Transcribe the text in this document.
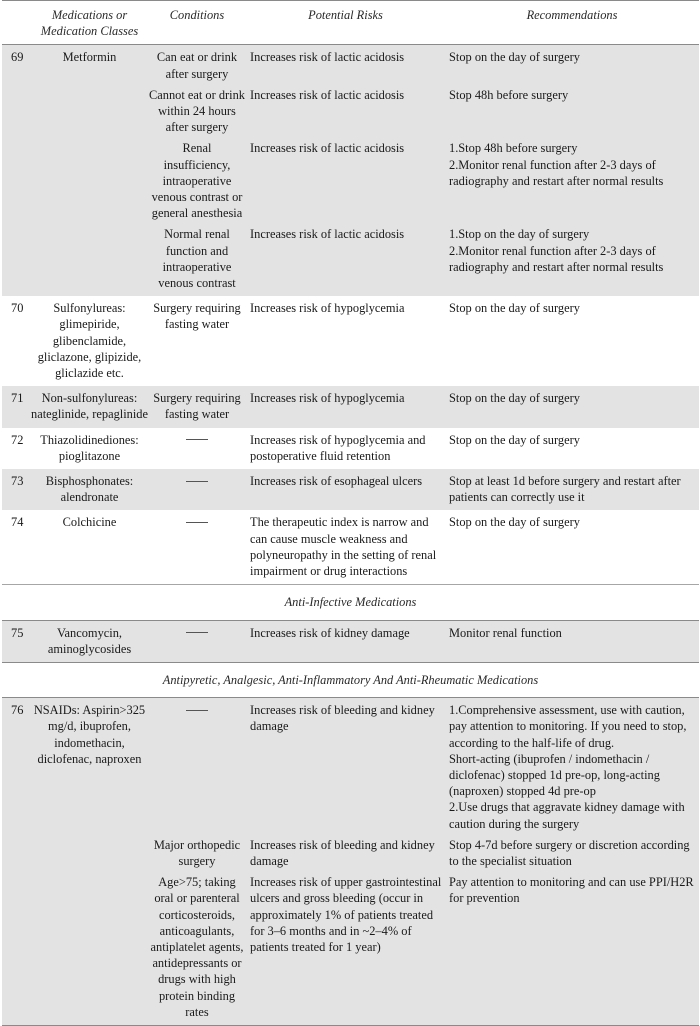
	Medications or Medication Classes	Conditions	Potential Risks	Recommendations
69	Metformin	Can eat or drink after surgery	Increases risk of lactic acidosis	Stop on the day of surgery

		Cannot eat or drink within 24 hours after surgery	Increases risk of lactic acidosis	Stop 48h before surgery

		Renal insufficiency, intraoperative venous contrast or general anesthesia	Increases risk of lactic acidosis	1.Stop 48h before surgery
2.Monitor renal function after 2-3 days of radiography and restart after normal results

		Normal renal function and intraoperative venous contrast	Increases risk of lactic acidosis	1.Stop on the day of surgery
2.Monitor renal function after 2-3 days of radiography and restart after normal results

70	Sulfonylureas: glimepiride, glibenclamide, gliclazone, glipizide, gliclazide etc.	Surgery requiring fasting water	Increases risk of hypoglycemia	Stop on the day of surgery
71	Non-sulfonylureas: nateglinide, repaglinide	Surgery requiring fasting water	Increases risk of hypoglycemia	Stop on the day of surgery
72	Thiazolidinediones: pioglitazone		Increases risk of hypoglycemia and postoperative fluid retention	Stop on the day of surgery
73	Bisphosphonates: alendronate		Increases risk of esophageal ulcers	Stop at least 1d before surgery and restart after patients can correctly use it
74	Colchicine		The therapeutic index is narrow and can cause muscle weakness and polyneuropathy in the setting of renal impairment or drug interactions	Stop on the day of surgery
Anti-Infective Medications				
75	Vancomycin, aminoglycosides		Increases risk of kidney damage	Monitor renal function
Antipyretic, Analgesic, Anti-Inflammatory And Anti-Rheumatic Medications				
76	NSAIDs: Aspirin>325 mg/d, ibuprofen, indomethacin, diclofenac, naproxen		Increases risk of bleeding and kidney damage	1.Comprehensive assessment, use with caution, pay attention to monitoring. If you need to stop, according to the half-life of drug.
Short-acting (ibuprofen / indomethacin / diclofenac) stopped 1d pre-op, long-acting (naproxen) stopped 4d pre-op
2.Use drugs that aggravate kidney damage with caution during the surgery

		Major orthopedic surgery	Increases risk of bleeding and kidney damage	Stop 4-7d before surgery or discretion according to the specialist situation

		Age>75; taking oral or parenteral corticosteroids, anticoagulants, antiplatelet agents, antidepressants or drugs with high protein binding rates	Increases risk of upper gastrointestinal ulcers and gross bleeding (occur in approximately 1% of patients treated for 3–6 months and in ~2–4% of patients treated for 1 year)	Pay attention to monitoring and can use PPI/H2R for prevention
